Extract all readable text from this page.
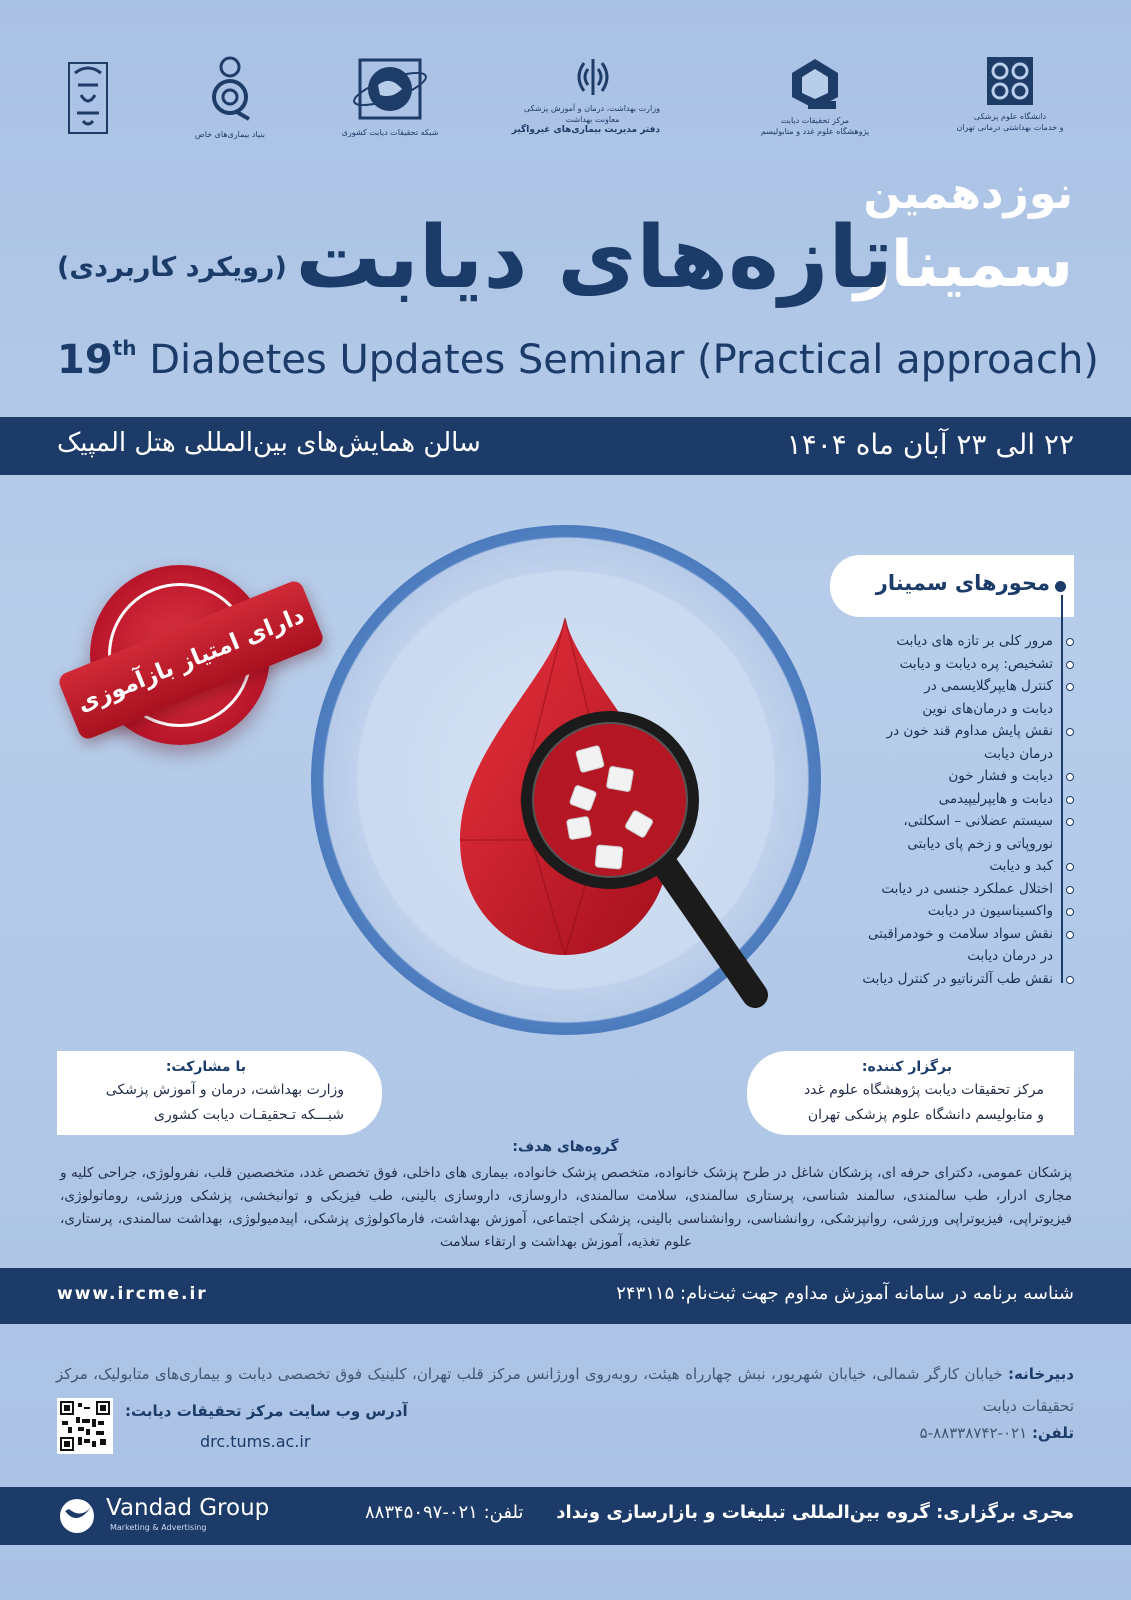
بنیاد بیماری‌های خاص	شبکه تحقیقات دیابت کشوری
وزارت بهداشت، درمان و آموزش پزشکی
معاونت بهداشت
دفتر مدیریت بیماری‌های غیرواگیر
مرکز تحقیقات دیابت
پژوهشگاه علوم غدد و متابولیسم
دانشگاه علوم پزشکی
و خدمات بهداشتی درمانی تهران
نوزدهمین
سمینار
تازه‌های دیابت
(رویکرد کاربردی)
19th Diabetes Updates Seminar (Practical approach)
۲۲ الی ۲۳ آبان ماه ۱۴۰۴
سالن همایش‌های بین‌المللی هتل المپیک
دارای امتیاز بازآموزی
محورهای سمینار
مرور کلی بر تازه های دیابت
تشخیص: پره دیابت و دیابت
کنترل هایپرگلایسمی در
دیابت و درمان‌های نوین
نقش پایش مداوم قند خون در
درمان دیابت
دیابت و فشار خون
دیابت و هایپرلیپیدمی
سیستم عضلانی – اسکلتی،
نوروپاتی و زخم پای دیابتی
کبد و دیابت
اختلال عملکرد جنسی در دیابت
واکسیناسیون در دیابت
نقش سواد سلامت و خودمراقبتی
در درمان دیابت
نقش طب آلترناتیو در کنترل دیابت
با مشارکت:
وزارت بهداشت، درمان و آموزش پزشکی
شبـــکه تـحقیقـات دیابت کشوری
برگزار کننده:
مرکز تحقیقات دیابت پژوهشگاه علوم غدد
و متابولیسم دانشگاه علوم پزشکی تهران
گروه‌های هدف:
پزشکان عمومی، دکترای حرفه ای، پزشکان شاغل در طرح پزشک خانواده، متخصص پزشک خانواده، بیماری های داخلی، فوق تخصص غدد، متخصصین قلب، نفرولوژی، جراحی کلیه و مجاری ادرار، طب سالمندی، سالمند شناسی، پرستاری سالمندی، سلامت سالمندی، داروسازی، داروسازی بالینی، طب فیزیکی و توانبخشی، پزشکی ورزشی، روماتولوژی، فیزیوتراپی، فیزیوتراپی ورزشی، روانپزشکی، روانشناسی، روانشناسی بالینی، پزشکی اجتماعی، آموزش بهداشت، فارماکولوژی پزشکی، اپیدمیولوژی، بهداشت سالمندی، پرستاری، علوم تغذیه، آموزش بهداشت و ارتقاء سلامت
شناسه برنامه در سامانه آموزش مداوم جهت ثبت‌نام: ۲۴۳۱۱۵
www.ircme.ir
دبیرخانه: خیابان کارگر شمالی، خیابان شهریور، نبش چهارراه هیئت، روبه‌روی اورژانس مرکز قلب تهران، کلینیک فوق تخصصی دیابت و بیماری‌های متابولیک، مرکز تحقیقات دیابت
تلفن: ۰۲۱-۸۸۳۳۸۷۴۲-۵
آدرس وب سایت مرکز تحقیقات دیابت:
drc.tums.ac.ir
مجری برگزاری: گروه بین‌المللی تبلیغات و بازارسازی ونداد
تلفن: ۰۲۱-۸۸۳۴۵۰۹۷
Vandad Group
Marketing & Advertising
